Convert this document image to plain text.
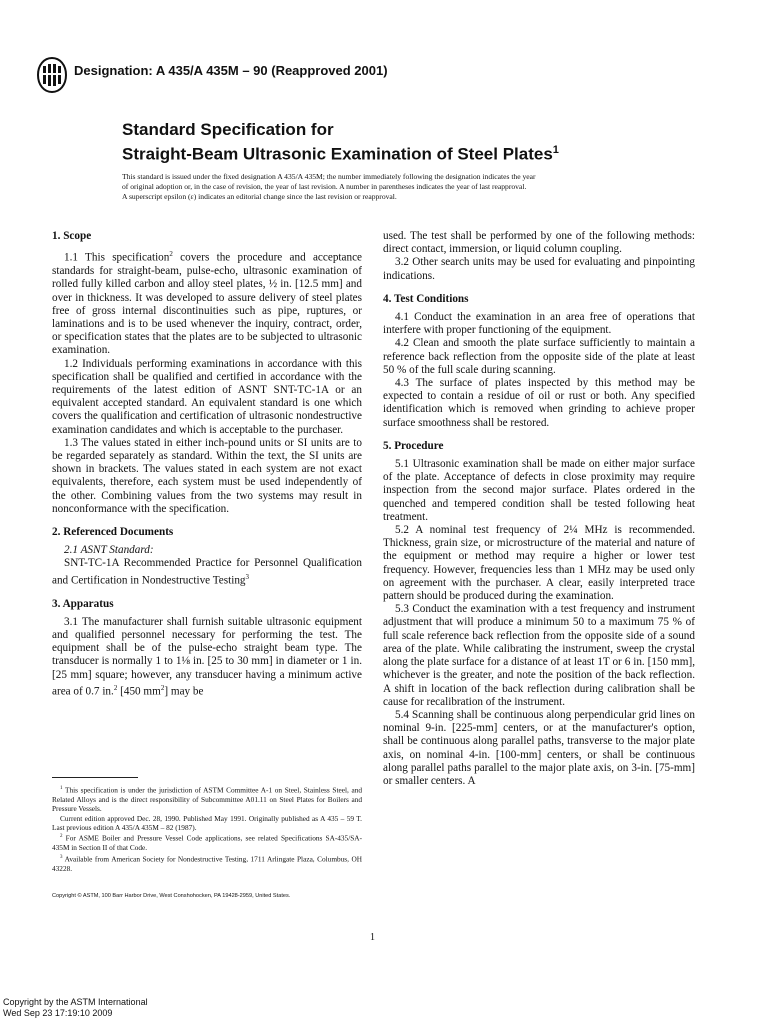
Designation: A 435/A 435M – 90 (Reapproved 2001)
Standard Specification for
Straight-Beam Ultrasonic Examination of Steel Plates$^1$
This standard is issued under the fixed designation A 435/A 435M; the number immediately following the designation indicates the year
of original adoption or, in the case of revision, the year of last revision. A number in parentheses indicates the year of last reapproval.
A superscript epsilon (ε) indicates an editorial change since the last revision or reapproval.
1. Scope

1.1 This specification$^2$ covers the procedure and acceptance standards for straight-beam, pulse-echo, ultrasonic examination of rolled fully killed carbon and alloy steel plates, ½ in. [12.5 mm] and over in thickness. It was developed to assure delivery of steel plates free of gross internal discontinuities such as pipe, ruptures, or laminations and is to be used whenever the inquiry, contract, order, or specification states that the plates are to be subjected to ultrasonic examination.

1.2 Individuals performing examinations in accordance with this specification shall be qualified and certified in accordance with the requirements of the latest edition of ASNT SNT-TC-1A or an equivalent accepted standard. An equivalent standard is one which covers the qualification and certification of ultrasonic nondestructive examination candidates and which is acceptable to the purchaser.

1.3 The values stated in either inch-pound units or SI units are to be regarded separately as standard. Within the text, the SI units are shown in brackets. The values stated in each system are not exact equivalents, therefore, each system must be used independently of the other. Combining values from the two systems may result in nonconformance with the specification.

2. Referenced Documents

2.1 ASNT Standard:

SNT-TC-1A Recommended Practice for Personnel Qualification and Certification in Nondestructive Testing$^3$

3. Apparatus

3.1 The manufacturer shall furnish suitable ultrasonic equipment and qualified personnel necessary for performing the test. The equipment shall be of the pulse-echo straight beam type. The transducer is normally 1 to 1⅛ in. [25 to 30 mm] in diameter or 1 in. [25 mm] square; however, any transducer having a minimum active area of 0.7 in.$^2$ [450 $mm^2$] may be

used. The test shall be performed by one of the following methods: direct contact, immersion, or liquid column coupling.

3.2 Other search units may be used for evaluating and pinpointing indications.

4. Test Conditions

4.1 Conduct the examination in an area free of operations that interfere with proper functioning of the equipment.

4.2 Clean and smooth the plate surface sufficiently to maintain a reference back reflection from the opposite side of the plate at least 50 % of the full scale during scanning.

4.3 The surface of plates inspected by this method may be expected to contain a residue of oil or rust or both. Any specified identification which is removed when grinding to achieve proper surface smoothness shall be restored.

5. Procedure

5.1 Ultrasonic examination shall be made on either major surface of the plate. Acceptance of defects in close proximity may require inspection from the second major surface. Plates ordered in the quenched and tempered condition shall be tested following heat treatment.

5.2 A nominal test frequency of 2¼ MHz is recommended. Thickness, grain size, or microstructure of the material and nature of the equipment or method may require a higher or lower test frequency. However, frequencies less than 1 MHz may be used only on agreement with the purchaser. A clear, easily interpreted trace pattern should be produced during the examination.

5.3 Conduct the examination with a test frequency and instrument adjustment that will produce a minimum 50 to a maximum 75 % of full scale reference back reflection from the opposite side of a sound area of the plate. While calibrating the instrument, sweep the crystal along the plate surface for a distance of at least 1T or 6 in. [150 mm], whichever is the greater, and note the position of the back reflection. A shift in location of the back reflection during calibration shall be cause for recalibration of the instrument.

5.4 Scanning shall be continuous along perpendicular grid lines on nominal 9-in. [225-mm] centers, or at the manufacturer's option, shall be continuous along parallel paths, transverse to the major plate axis, on nominal 4-in. [100-mm] centers, or shall be continuous along parallel paths parallel to the major plate axis, on 3-in. [75-mm] or smaller centers. A

$^1$ This specification is under the jurisdiction of ASTM Committee A-1 on Steel, Stainless Steel, and Related Alloys and is the direct responsibility of Subcommittee A01.11 on Steel Plates for Boilers and Pressure Vessels.

Current edition approved Dec. 28, 1990. Published May 1991. Originally published as A 435 – 59 T. Last previous edition A 435/A 435M – 82 (1987).

$^2$ For ASME Boiler and Pressure Vessel Code applications, see related Specifications SA-435/SA-435M in Section II of that Code.

$^3$ Available from American Society for Nondestructive Testing, 1711 Arlingate Plaza, Columbus, OH 43228.

Copyright © ASTM, 100 Barr Harbor Drive, West Conshohocken, PA 19428-2959, United States.
1
Copyright by the ASTM International
Wed Sep 23 17:19:10 2009
